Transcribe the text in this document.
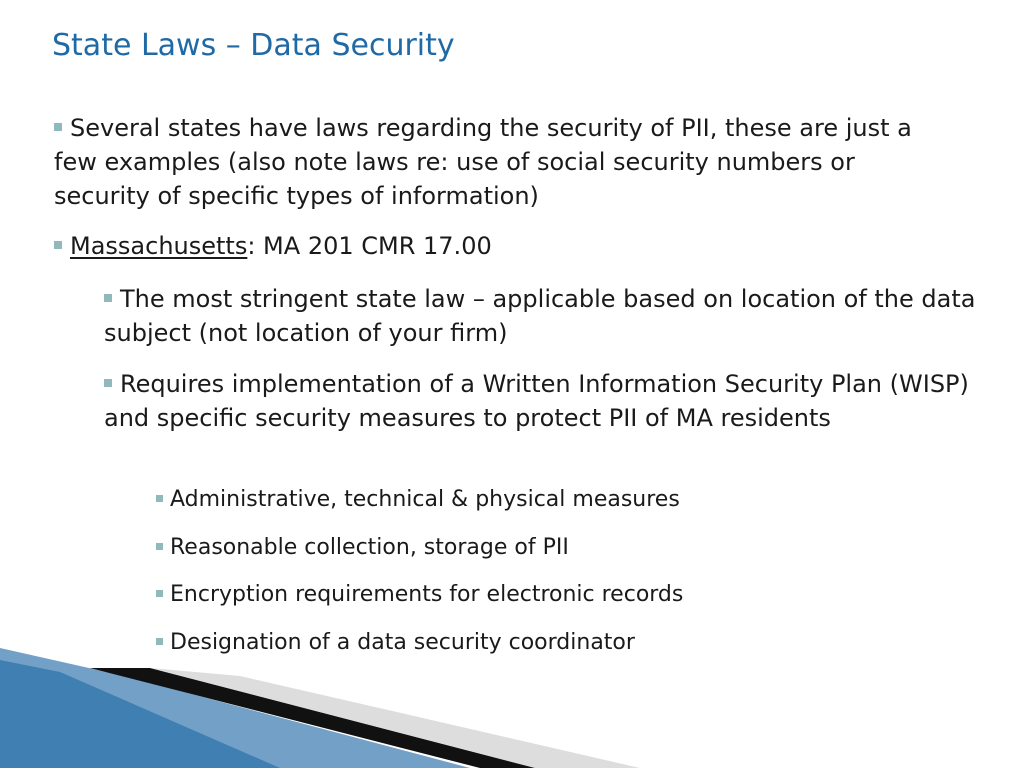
State Laws – Data Security
Several states have laws regarding the security of PII, these are just a few examples (also note laws re: use of social security numbers or security of specific types of information)
Massachusetts: MA 201 CMR 17.00
The most stringent state law – applicable based on location of the data subject (not location of your firm)
Requires implementation of a Written Information Security Plan (WISP) and specific security measures to protect PII of MA residents
Administrative, technical & physical measures
Reasonable collection, storage of PII
Encryption requirements for electronic records
Designation of a data security coordinator
